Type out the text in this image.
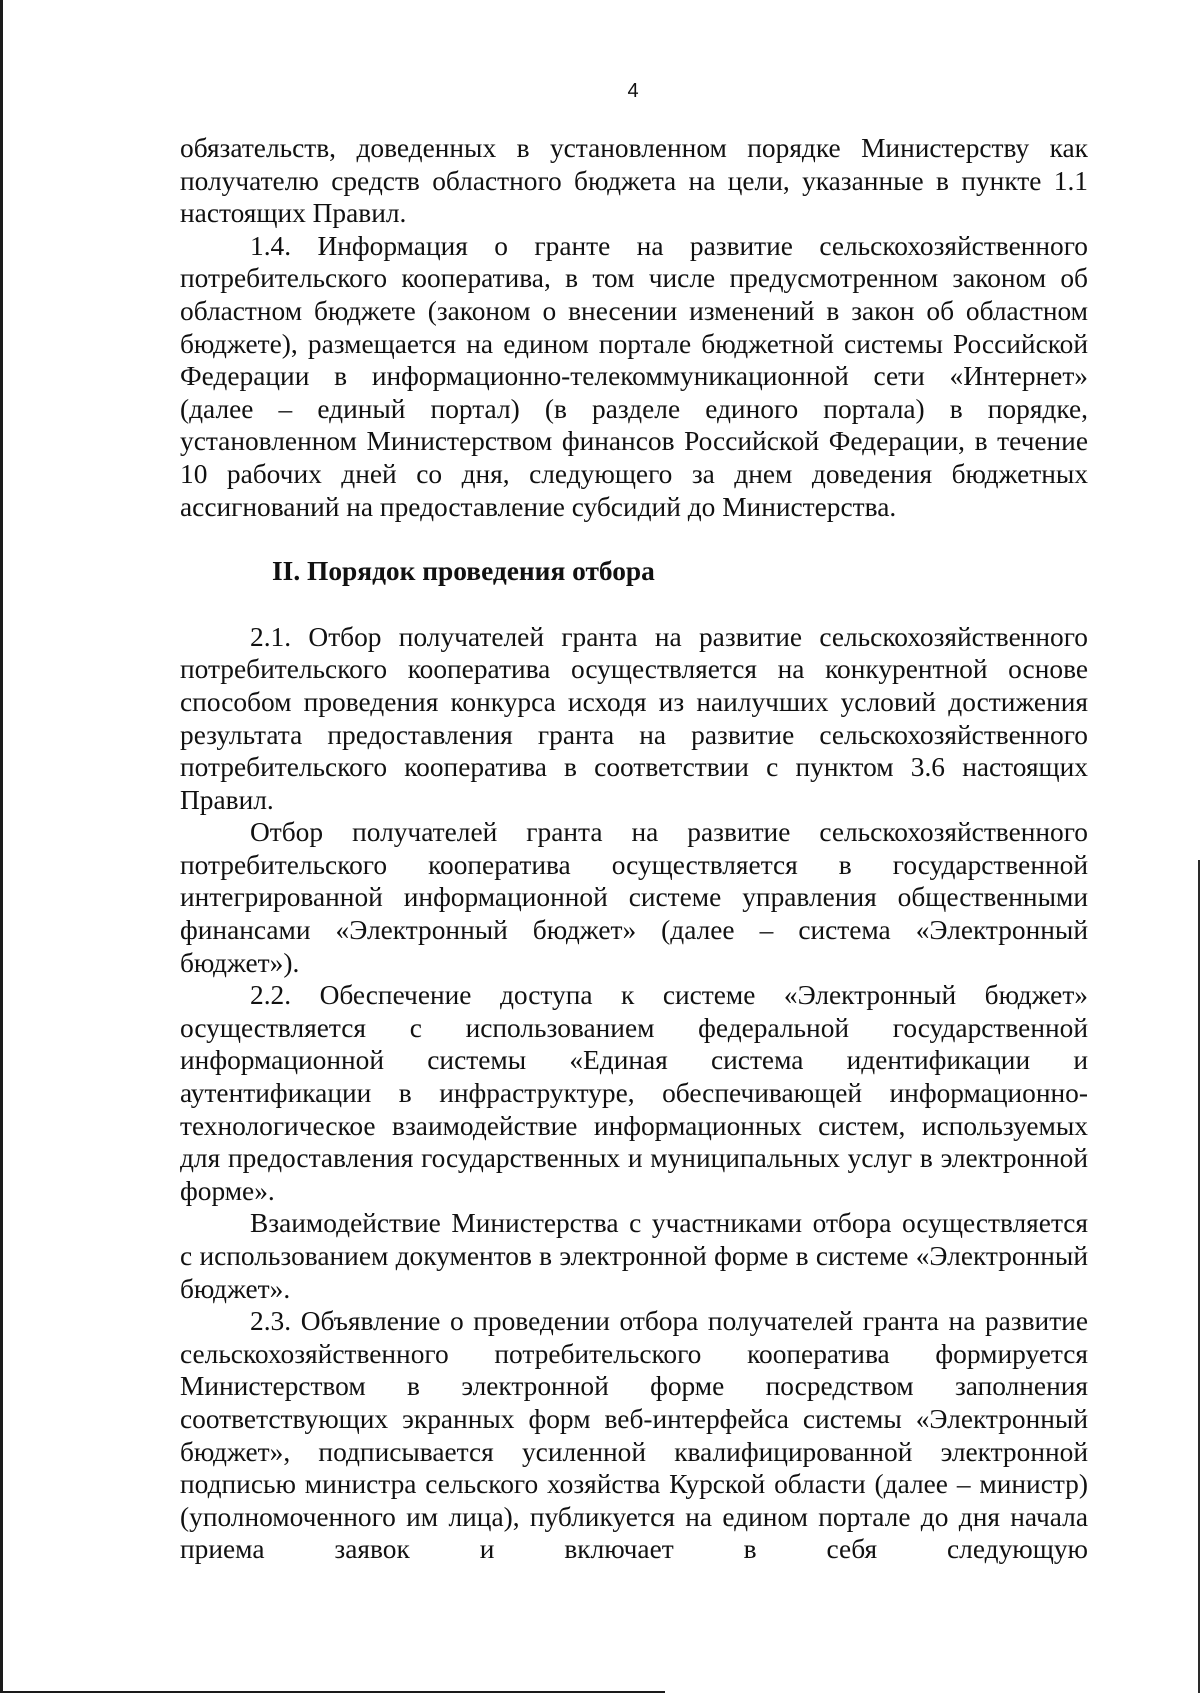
4

обязательств, доведенных в установленном порядке Министерству как получателю средств областного бюджета на цели, указанные в пункте 1.1 настоящих Правил.

1.4. Информация о гранте на развитие сельскохозяйственного потребительского кооператива, в том числе предусмотренном законом об областном бюджете (законом о внесении изменений в закон об областном бюджете), размещается на едином портале бюджетной системы Российской Федерации в информационно-телекоммуникационной сети «Интернет» (далее – единый портал) (в разделе единого портала) в порядке, установленном Министерством финансов Российской Федерации, в течение 10 рабочих дней со дня, следующего за днем доведения бюджетных ассигнований на предоставление субсидий до Министерства.

II. Порядок проведения отбора

2.1. Отбор получателей гранта на развитие сельскохозяйственного потребительского кооператива осуществляется на конкурентной основе способом проведения конкурса исходя из наилучших условий достижения результата предоставления гранта на развитие сельскохозяйственного потребительского кооператива в соответствии с пунктом 3.6 настоящих Правил.

Отбор получателей гранта на развитие сельскохозяйственного потребительского кооператива осуществляется в государственной интегрированной информационной системе управления общественными финансами «Электронный бюджет» (далее – система «Электронный бюджет»).

2.2. Обеспечение доступа к системе «Электронный бюджет» осуществляется с использованием федеральной государственной информационной системы «Единая система идентификации и аутентификации в инфраструктуре, обеспечивающей информационно-технологическое взаимодействие информационных систем, используемых для предоставления государственных и муниципальных услуг в электронной форме».

Взаимодействие Министерства с участниками отбора осуществляется с использованием документов в электронной форме в системе «Электронный бюджет».

2.3. Объявление о проведении отбора получателей гранта на развитие сельскохозяйственного потребительского кооператива формируется Министерством в электронной форме посредством заполнения соответствующих экранных форм веб-интерфейса системы «Электронный бюджет», подписывается усиленной квалифицированной электронной подписью министра сельского хозяйства Курской области (далее – министр) (уполномоченного им лица), публикуется на едином портале до дня начала приема заявок и включает в себя следующую
